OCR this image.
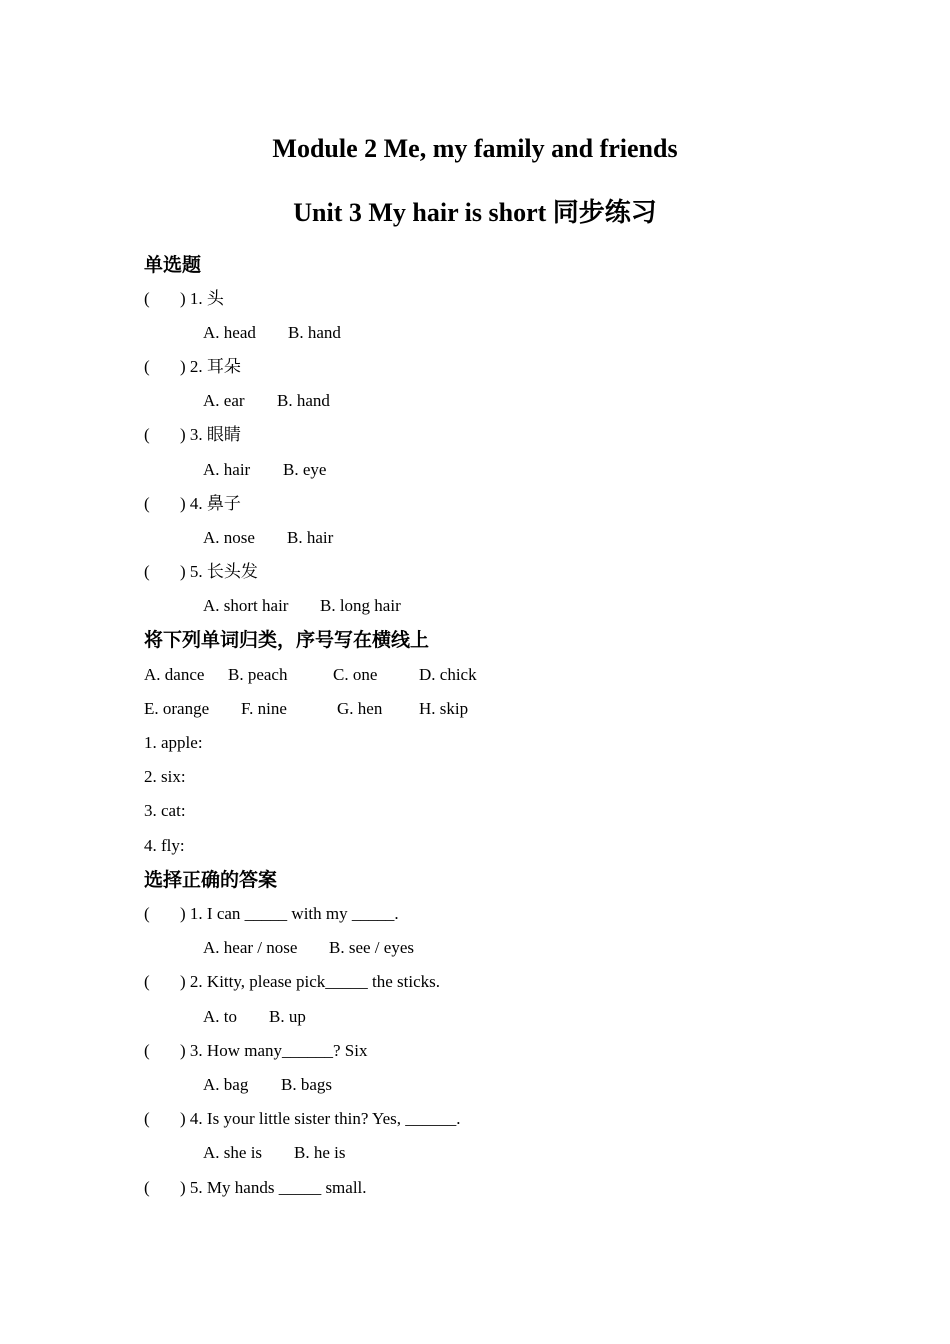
Module 2 Me, my family and friends
Unit 3 My hair is short 同步练习
单选题
( ) 1. 头
A. head B. hand
( ) 2. 耳朵
A. ear B. hand
( ) 3. 眼睛
A. hair B. eye
( ) 4. 鼻子
A. nose B. hair
( ) 5. 长头发
A. short hair B. long hair
将下列单词归类，序号写在横线上
A. dance B. peach	C. one D. chick
E. orange F. nine	G. hen H. skip
1. apple:
2. six:
3. cat:
4. fly:
选择正确的答案
( ) 1. I can _____ with my _____.
A. hear / nose B. see / eyes
( ) 2. Kitty, please pick_____ the sticks.
A. to B. up
( ) 3. How many______? Six
A. bag B. bags
( ) 4. Is your little sister thin? Yes, ______.
A. she is B. he is
( ) 5. My hands _____ small.
